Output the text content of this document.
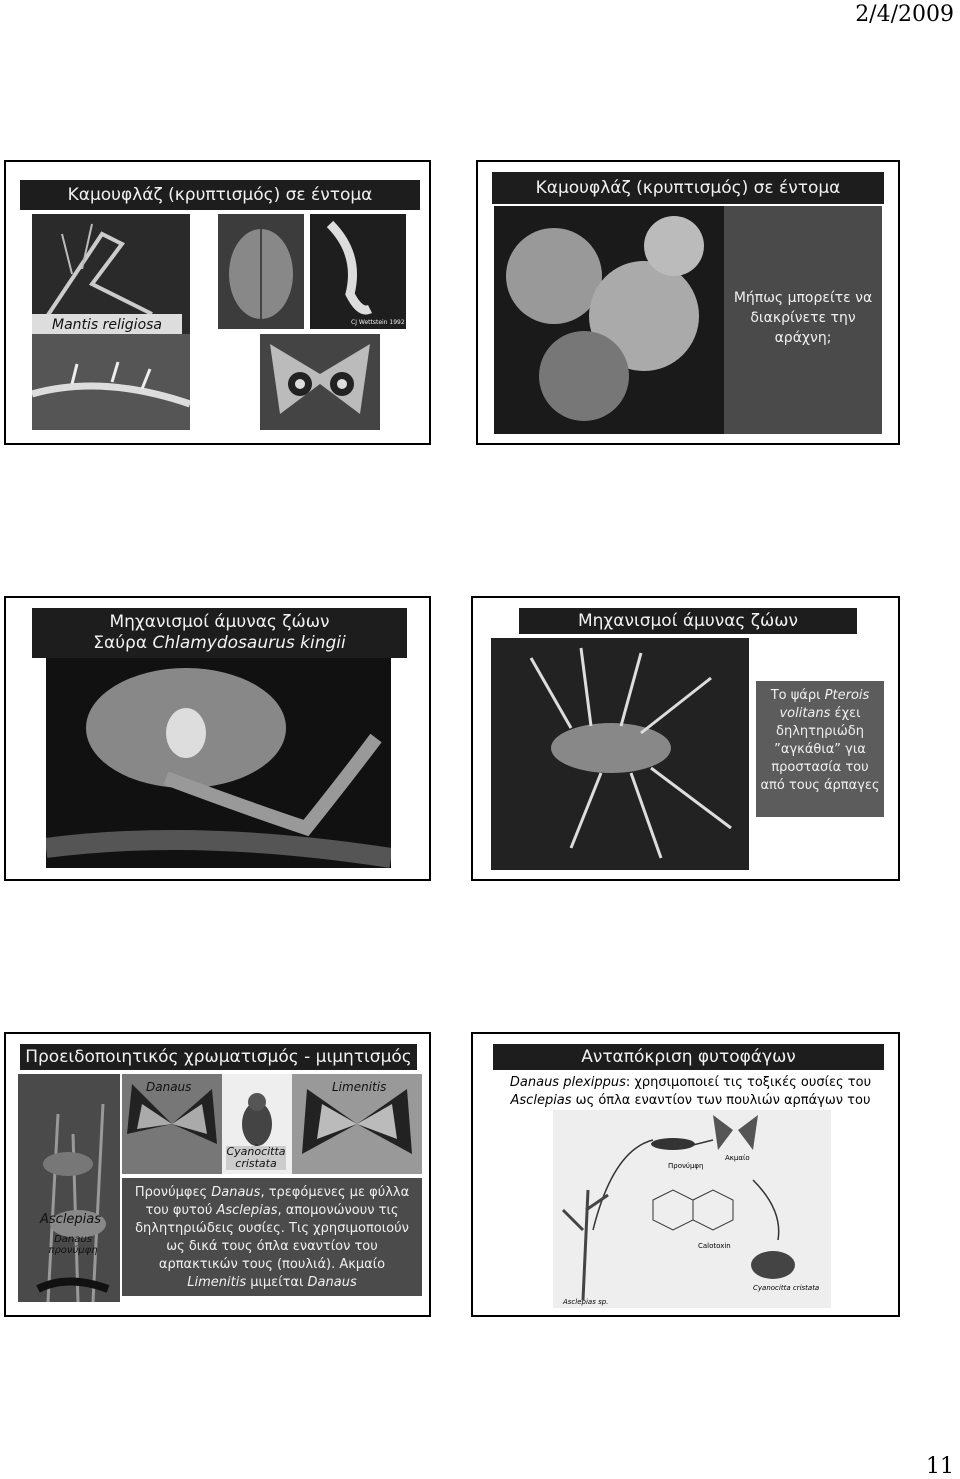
2/4/2009
Καμουφλάζ (κρυπτισμός) σε έντομα
Mantis religiosa	CJ Wettstein 1992
Καμουφλάζ (κρυπτισμός) σε έντομα
Μήπως μπορείτε να διακρίνετε την αράχνη;
Μηχανισμοί άμυνας ζώων
Σαύρα Chlamydosaurus kingii
Μηχανισμοί άμυνας ζώων
Το ψάρι Pterois volitans έχει δηλητηριώδη ”αγκάθια” για προστασία του από τους άρπαγες
Προειδοποιητικός χρωματισμός - μιμητισμός
Asclepias
Danaus προνύμφη
Danaus	Limenitis
Cyanocitta cristata
Προνύμφες Danaus, τρεφόμενες με φύλλα του φυτού Asclepias, απομονώνουν τις δηλητηριώδεις ουσίες. Τις χρησιμοποιούν ως δικά τους όπλα εναντίον του αρπακτικών τους (πουλιά). Ακμαίο Limenitis μιμείται Danaus
Ανταπόκριση φυτοφάγων
Danaus plexippus: χρησιμοποιεί τις τοξικές ουσίες του Asclepias ως όπλα εναντίον των πουλιών αρπάγων του
Προνύμφη
Ακμαίο
Calotoxin
Asclepias sp.
Cyanocitta cristata
11
